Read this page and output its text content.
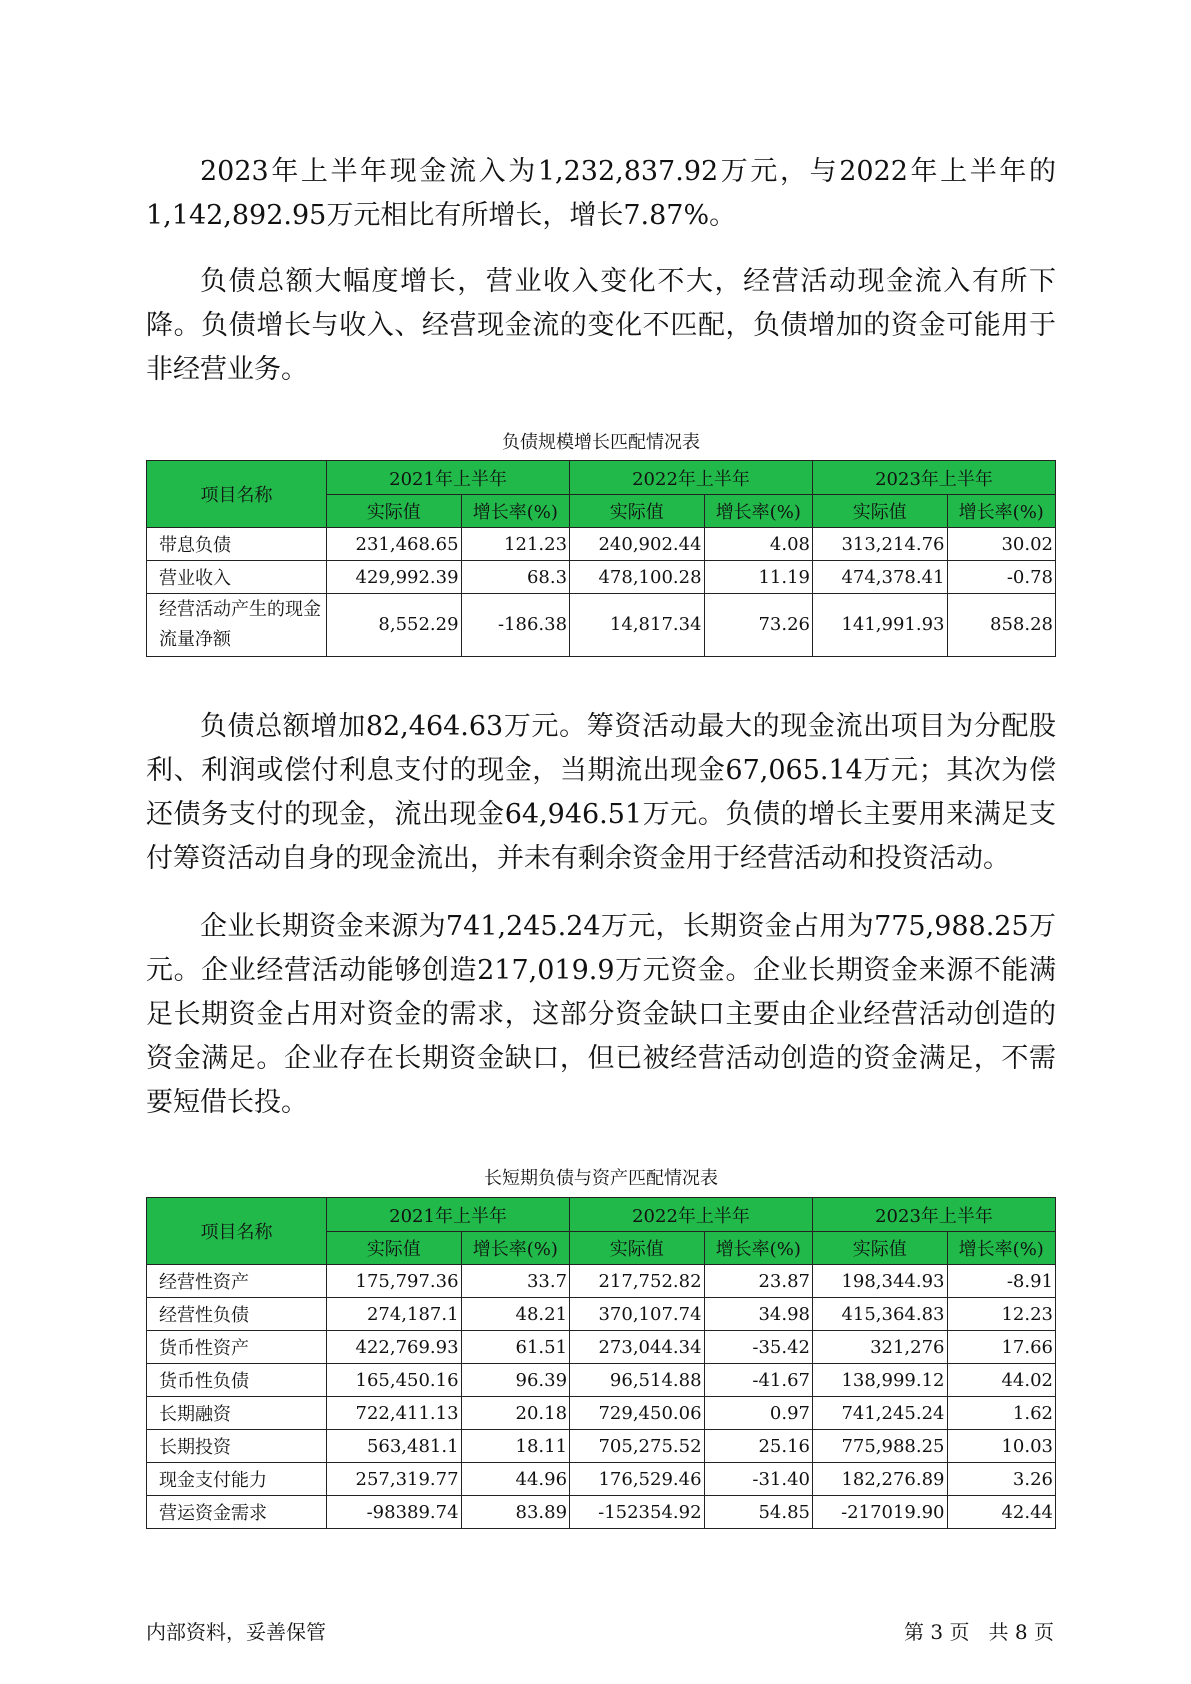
2023年上半年现金流入为1,232,837.92万元，与2022年上半年的1,142,892.95万元相比有所增长，增长7.87%。

负债总额大幅度增长，营业收入变化不大，经营活动现金流入有所下降。负债增长与收入、经营现金流的变化不匹配，负债增加的资金可能用于非经营业务。

负债规模增长匹配情况表
项目名称	2021年上半年		2022年上半年		2023年上半年	
	实际值	增长率(%)	实际值	增长率(%)	实际值	增长率(%)
带息负债	231,468.65	121.23	240,902.44	4.08	313,214.76	30.02
营业收入	429,992.39	68.3	478,100.28	11.19	474,378.41	-0.78
经营活动产生的现金流量净额	8,552.29	-186.38	14,817.34	73.26	141,991.93	858.28

负债总额增加82,464.63万元。筹资活动最大的现金流出项目为分配股利、利润或偿付利息支付的现金，当期流出现金67,065.14万元；其次为偿还债务支付的现金，流出现金64,946.51万元。负债的增长主要用来满足支付筹资活动自身的现金流出，并未有剩余资金用于经营活动和投资活动。

企业长期资金来源为741,245.24万元，长期资金占用为775,988.25万元。企业经营活动能够创造217,019.9万元资金。企业长期资金来源不能满足长期资金占用对资金的需求，这部分资金缺口主要由企业经营活动创造的资金满足。企业存在长期资金缺口，但已被经营活动创造的资金满足，不需要短借长投。

长短期负债与资产匹配情况表
项目名称	2021年上半年		2022年上半年		2023年上半年	
	实际值	增长率(%)	实际值	增长率(%)	实际值	增长率(%)
经营性资产	175,797.36	33.7	217,752.82	23.87	198,344.93	-8.91
经营性负债	274,187.1	48.21	370,107.74	34.98	415,364.83	12.23
货币性资产	422,769.93	61.51	273,044.34	-35.42	321,276	17.66
货币性负债	165,450.16	96.39	96,514.88	-41.67	138,999.12	44.02
长期融资	722,411.13	20.18	729,450.06	0.97	741,245.24	1.62
长期投资	563,481.1	18.11	705,275.52	25.16	775,988.25	10.03
现金支付能力	257,319.77	44.96	176,529.46	-31.40	182,276.89	3.26
营运资金需求	-98389.74	83.89	-152354.92	54.85	-217019.90	42.44
内部资料，妥善保管	第 3 页   共 8 页
